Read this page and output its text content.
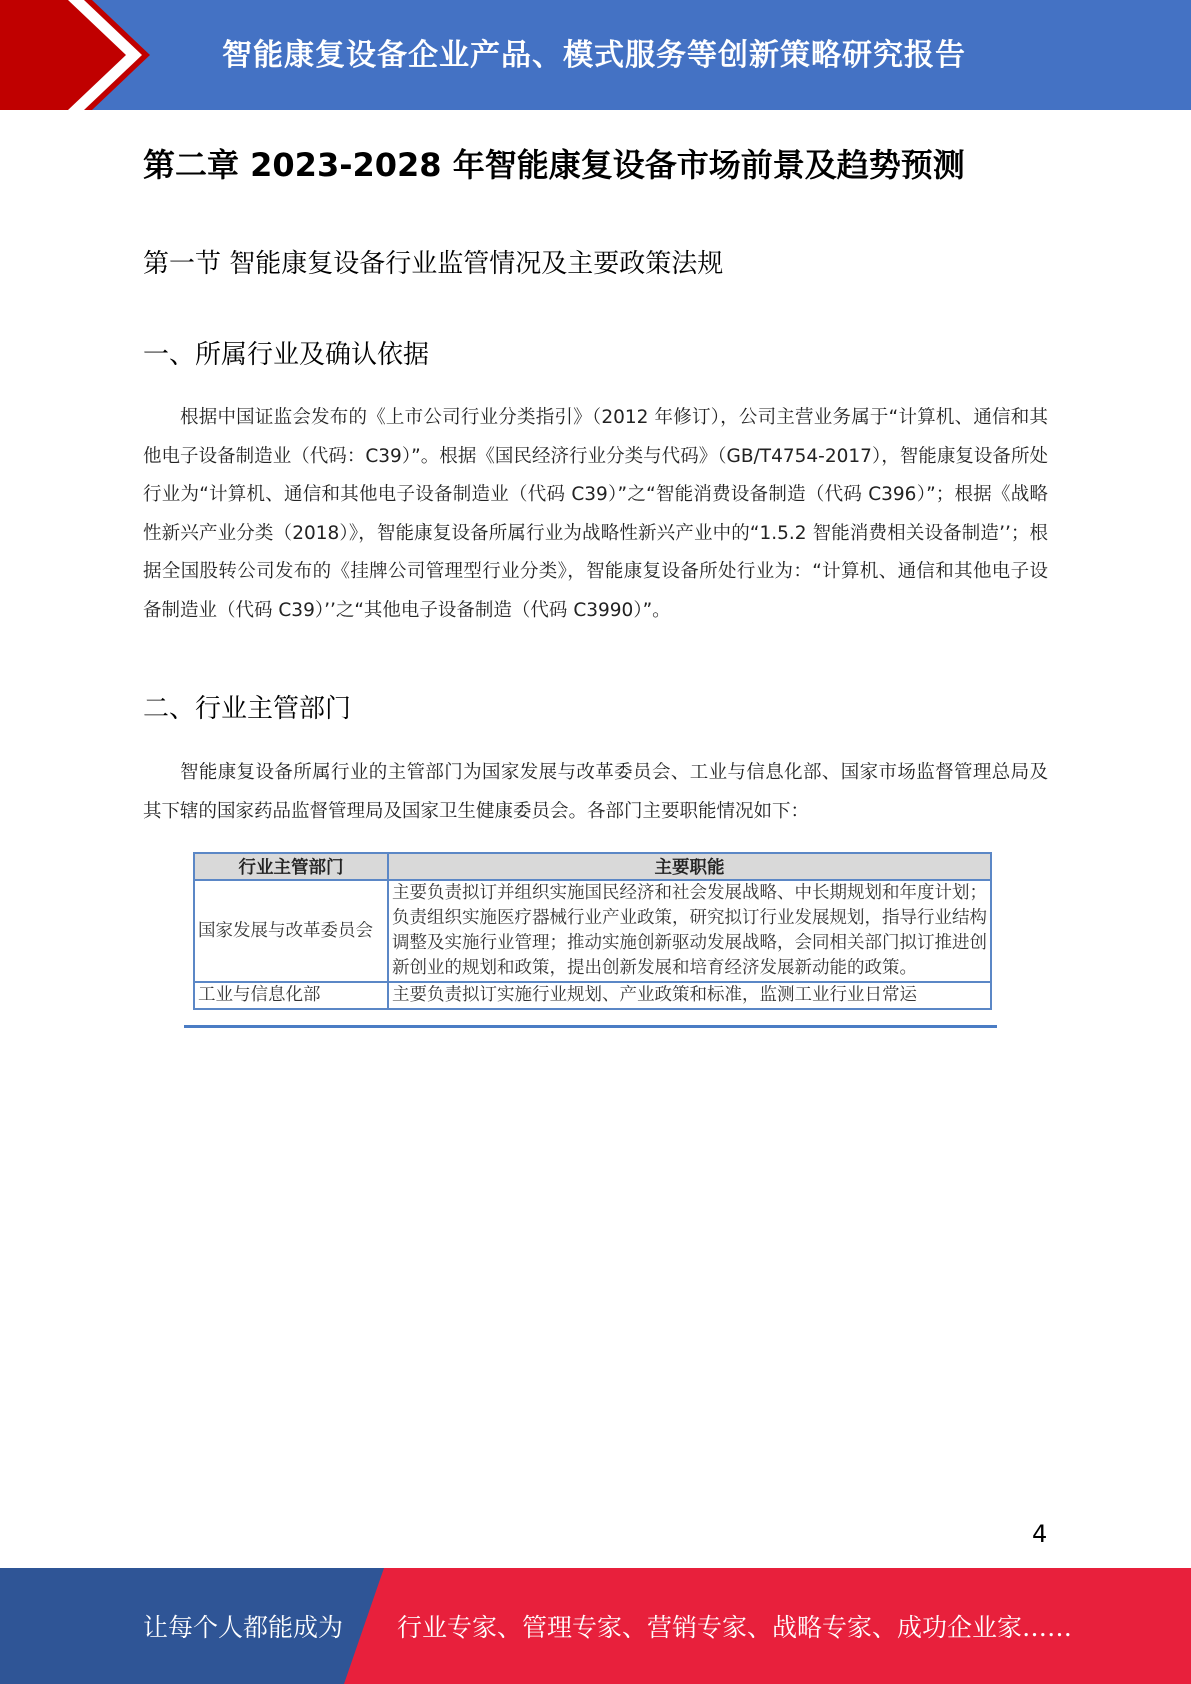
智能康复设备企业产品、模式服务等创新策略研究报告
第二章 2023-2028 年智能康复设备市场前景及趋势预测
第一节 智能康复设备行业监管情况及主要政策法规
一、所属行业及确认依据
根据中国证监会发布的《上市公司行业分类指引》（2012 年修订），公司主营业务属于“计算机、通信和其他电子设备制造业（代码：C39）”。根据《国民经济行业分类与代码》（GB/T4754-2017），智能康复设备所处行业为“计算机、通信和其他电子设备制造业（代码 C39）”之“智能消费设备制造（代码 C396）”；根据《战略性新兴产业分类（2018）》，智能康复设备所属行业为战略性新兴产业中的“1.5.2 智能消费相关设备制造’’；根据全国股转公司发布的《挂牌公司管理型行业分类》，智能康复设备所处行业为：“计算机、通信和其他电子设备制造业（代码 C39）’’之“其他电子设备制造（代码 C3990）”。
二、行业主管部门
智能康复设备所属行业的主管部门为国家发展与改革委员会、工业与信息化部、国家市场监督管理总局及其下辖的国家药品监督管理局及国家卫生健康委员会。各部门主要职能情况如下：
行业主管部门	主要职能
国家发展与改革委员会	主要负责拟订并组织实施国民经济和社会发展战略、中长期规划和年度计划；负责组织实施医疗器械行业产业政策，研究拟订行业发展规划，指导行业结构调整及实施行业管理；推动实施创新驱动发展战略，会同相关部门拟订推进创新创业的规划和政策，提出创新发展和培育经济发展新动能的政策。
工业与信息化部	主要负责拟订实施行业规划、产业政策和标准，监测工业行业日常运
4
让每个人都能成为 行业专家、管理专家、营销专家、战略专家、成功企业家……
